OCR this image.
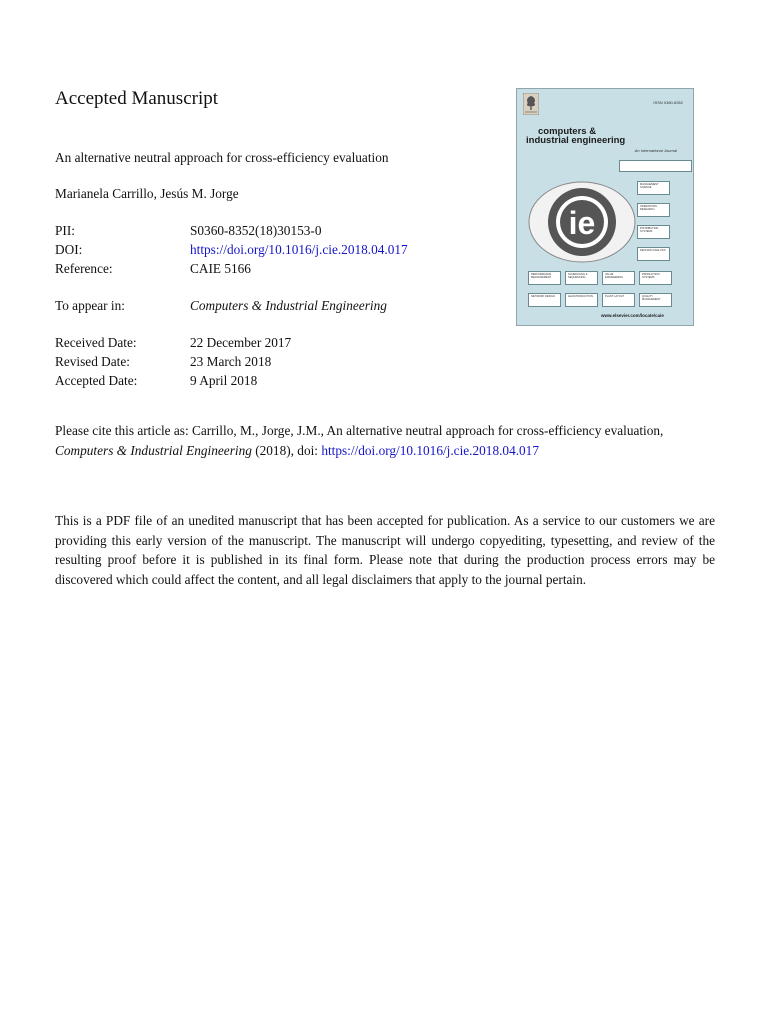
Accepted Manuscript
An alternative neutral approach for cross-efficiency evaluation
Marianela Carrillo, Jesús M. Jorge
PII:	S0360-8352(18)30153-0
DOI:	https://doi.org/10.1016/j.cie.2018.04.017
Reference:	CAIE 5166
To appear in:	Computers & Industrial Engineering
Received Date:	22 December 2017
Revised Date:	23 March 2018
Accepted Date:	9 April 2018
Please cite this article as: Carrillo, M., Jorge, J.M., An alternative neutral approach for cross-efficiency evaluation,
Computers & Industrial Engineering (2018), doi: https://doi.org/10.1016/j.cie.2018.04.017
This is a PDF file of an unedited manuscript that has been accepted for publication. As a service to our customers we are providing this early version of the manuscript. The manuscript will undergo copyediting, typesetting, and review of the resulting proof before it is published in its final form. Please note that during the production process errors may be discovered which could affect the content, and all legal disclaimers that apply to the journal pertain.
ISSN 0360-8352
computers &
industrial engineering
An International Journal
ie
MANAGEMENT SCIENCE
OPERATIONS RESEARCH
DISTRIBUTION SYSTEMS
DECISION ANALYSIS
PERFORMANCE MEASUREMENT
SCHEDULING & SEQUENCING
VALUE ENGINEERING
PRODUCTION SYSTEMS
NETWORK DESIGN	LEAN PRODUCTION	PLANT LAYOUT	QUALITY MANAGEMENT
www.elsevier.com/locate/caie
